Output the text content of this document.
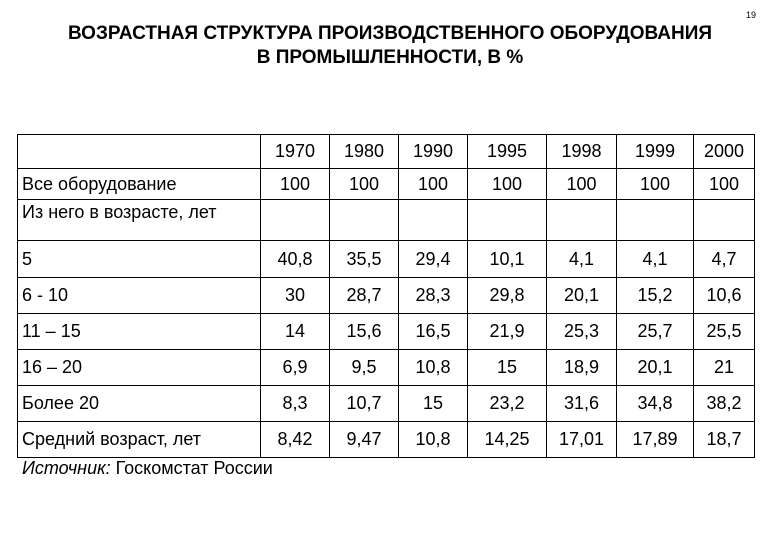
ВОЗРАСТНАЯ СТРУКТУРА ПРОИЗВОДСТВЕННОГО ОБОРУДОВАНИЯ
В ПРОМЫШЛЕННОСТИ, В %
19
	1970	1980	1990	1995	1998	1999	2000
Все оборудование	100	100	100	100	100	100	100
Из него в возрасте, лет							
5	40,8	35,5	29,4	10,1	4,1	4,1	4,7
6 - 10	30	28,7	28,3	29,8	20,1	15,2	10,6
11 – 15	14	15,6	16,5	21,9	25,3	25,7	25,5
16 – 20	6,9	9,5	10,8	15	18,9	20,1	21
Более 20	8,3	10,7	15	23,2	31,6	34,8	38,2
Средний возраст, лет	8,42	9,47	10,8	14,25	17,01	17,89	18,7
Источник: Госкомстат России
